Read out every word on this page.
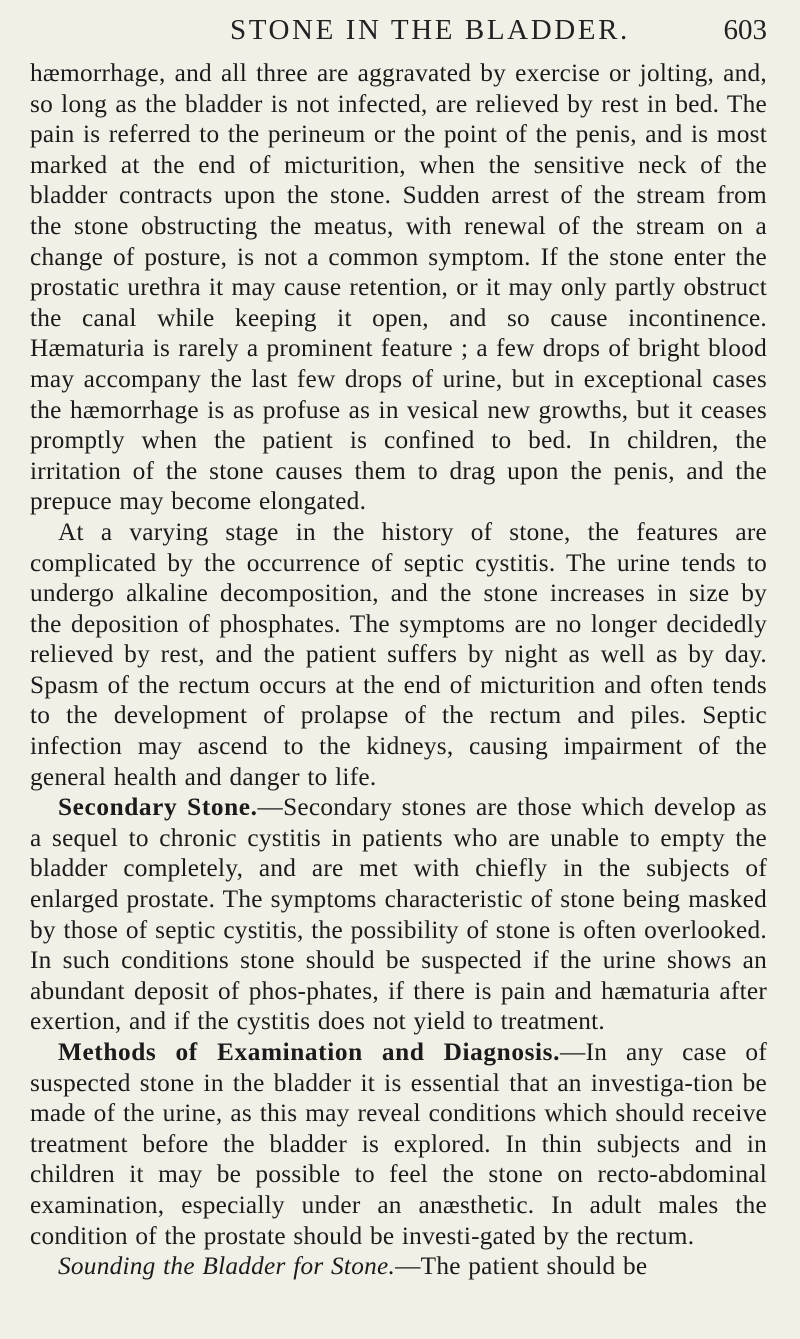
STONE IN THE BLADDER.	603

hæmorrhage, and all three are aggravated by exercise or jolting, and, so long as the bladder is not infected, are relieved by rest in bed. The pain is referred to the perineum or the point of the penis, and is most marked at the end of micturition, when the sensitive neck of the bladder contracts upon the stone. Sudden arrest of the stream from the stone obstructing the meatus, with renewal of the stream on a change of posture, is not a common symptom. If the stone enter the prostatic urethra it may cause retention, or it may only partly obstruct the canal while keeping it open, and so cause incontinence. Hæmaturia is rarely a prominent feature ; a few drops of bright blood may accompany the last few drops of urine, but in exceptional cases the hæmorrhage is as profuse as in vesical new growths, but it ceases promptly when the patient is confined to bed. In children, the irritation of the stone causes them to drag upon the penis, and the prepuce may become elongated.

At a varying stage in the history of stone, the features are complicated by the occurrence of septic cystitis. The urine tends to undergo alkaline decomposition, and the stone increases in size by the deposition of phosphates. The symptoms are no longer decidedly relieved by rest, and the patient suffers by night as well as by day. Spasm of the rectum occurs at the end of micturition and often tends to the development of prolapse of the rectum and piles. Septic infection may ascend to the kidneys, causing impairment of the general health and danger to life.

Secondary Stone.—Secondary stones are those which develop as a sequel to chronic cystitis in patients who are unable to empty the bladder completely, and are met with chiefly in the subjects of enlarged prostate. The symptoms characteristic of stone being masked by those of septic cystitis, the possibility of stone is often overlooked. In such conditions stone should be suspected if the urine shows an abundant deposit of phos-phates, if there is pain and hæmaturia after exertion, and if the cystitis does not yield to treatment.

Methods of Examination and Diagnosis.—In any case of suspected stone in the bladder it is essential that an investiga-tion be made of the urine, as this may reveal conditions which should receive treatment before the bladder is explored. In thin subjects and in children it may be possible to feel the stone on recto-abdominal examination, especially under an anæsthetic. In adult males the condition of the prostate should be investi-gated by the rectum.

Sounding the Bladder for Stone.—The patient should be
